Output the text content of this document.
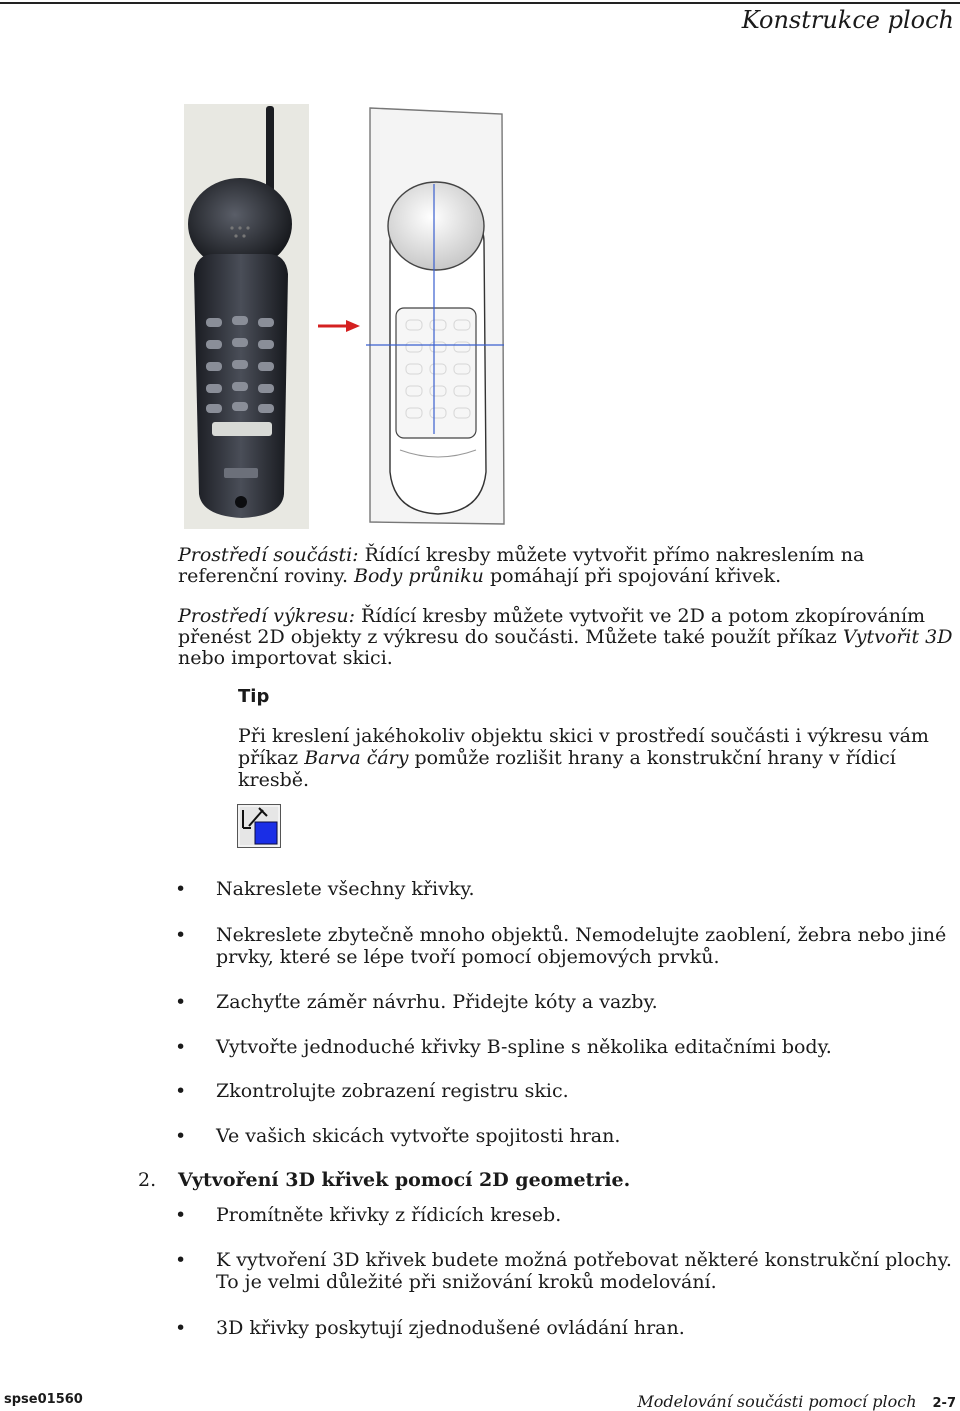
Konstrukce ploch
Prostředí součásti: Řídící kresby můžete vytvořit přímo nakreslením na referenční roviny. Body průniku pomáhají při spojování křivek.
Prostředí výkresu: Řídící kresby můžete vytvořit ve 2D a potom zkopírováním přenést 2D objekty z výkresu do součásti. Můžete také použít příkaz Vytvořit 3D nebo importovat skici.
Tip
Při kreslení jakéhokoliv objektu skici v prostředí součásti i výkresu vám příkaz Barva čáry pomůže rozlišit hrany a konstrukční hrany v řídicí kresbě.
• Nakreslete všechny křivky.
• Nekreslete zbytečně mnoho objektů. Nemodelujte zaoblení, žebra nebo jiné prvky, které se lépe tvoří pomocí objemových prvků.
• Zachyťte záměr návrhu. Přidejte kóty a vazby.
• Vytvořte jednoduché křivky B-spline s několika editačními body.
• Zkontrolujte zobrazení registru skic.
• Ve vašich skicách vytvořte spojitosti hran.
2. Vytvoření 3D křivek pomocí 2D geometrie.
• Promítněte křivky z řídicích kreseb.
• K vytvoření 3D křivek budete možná potřebovat některé konstrukční plochy. To je velmi důležité při snižování kroků modelování.
• 3D křivky poskytují zjednodušené ovládání hran.
spse01560	Modelování součásti pomocí ploch 2-7
